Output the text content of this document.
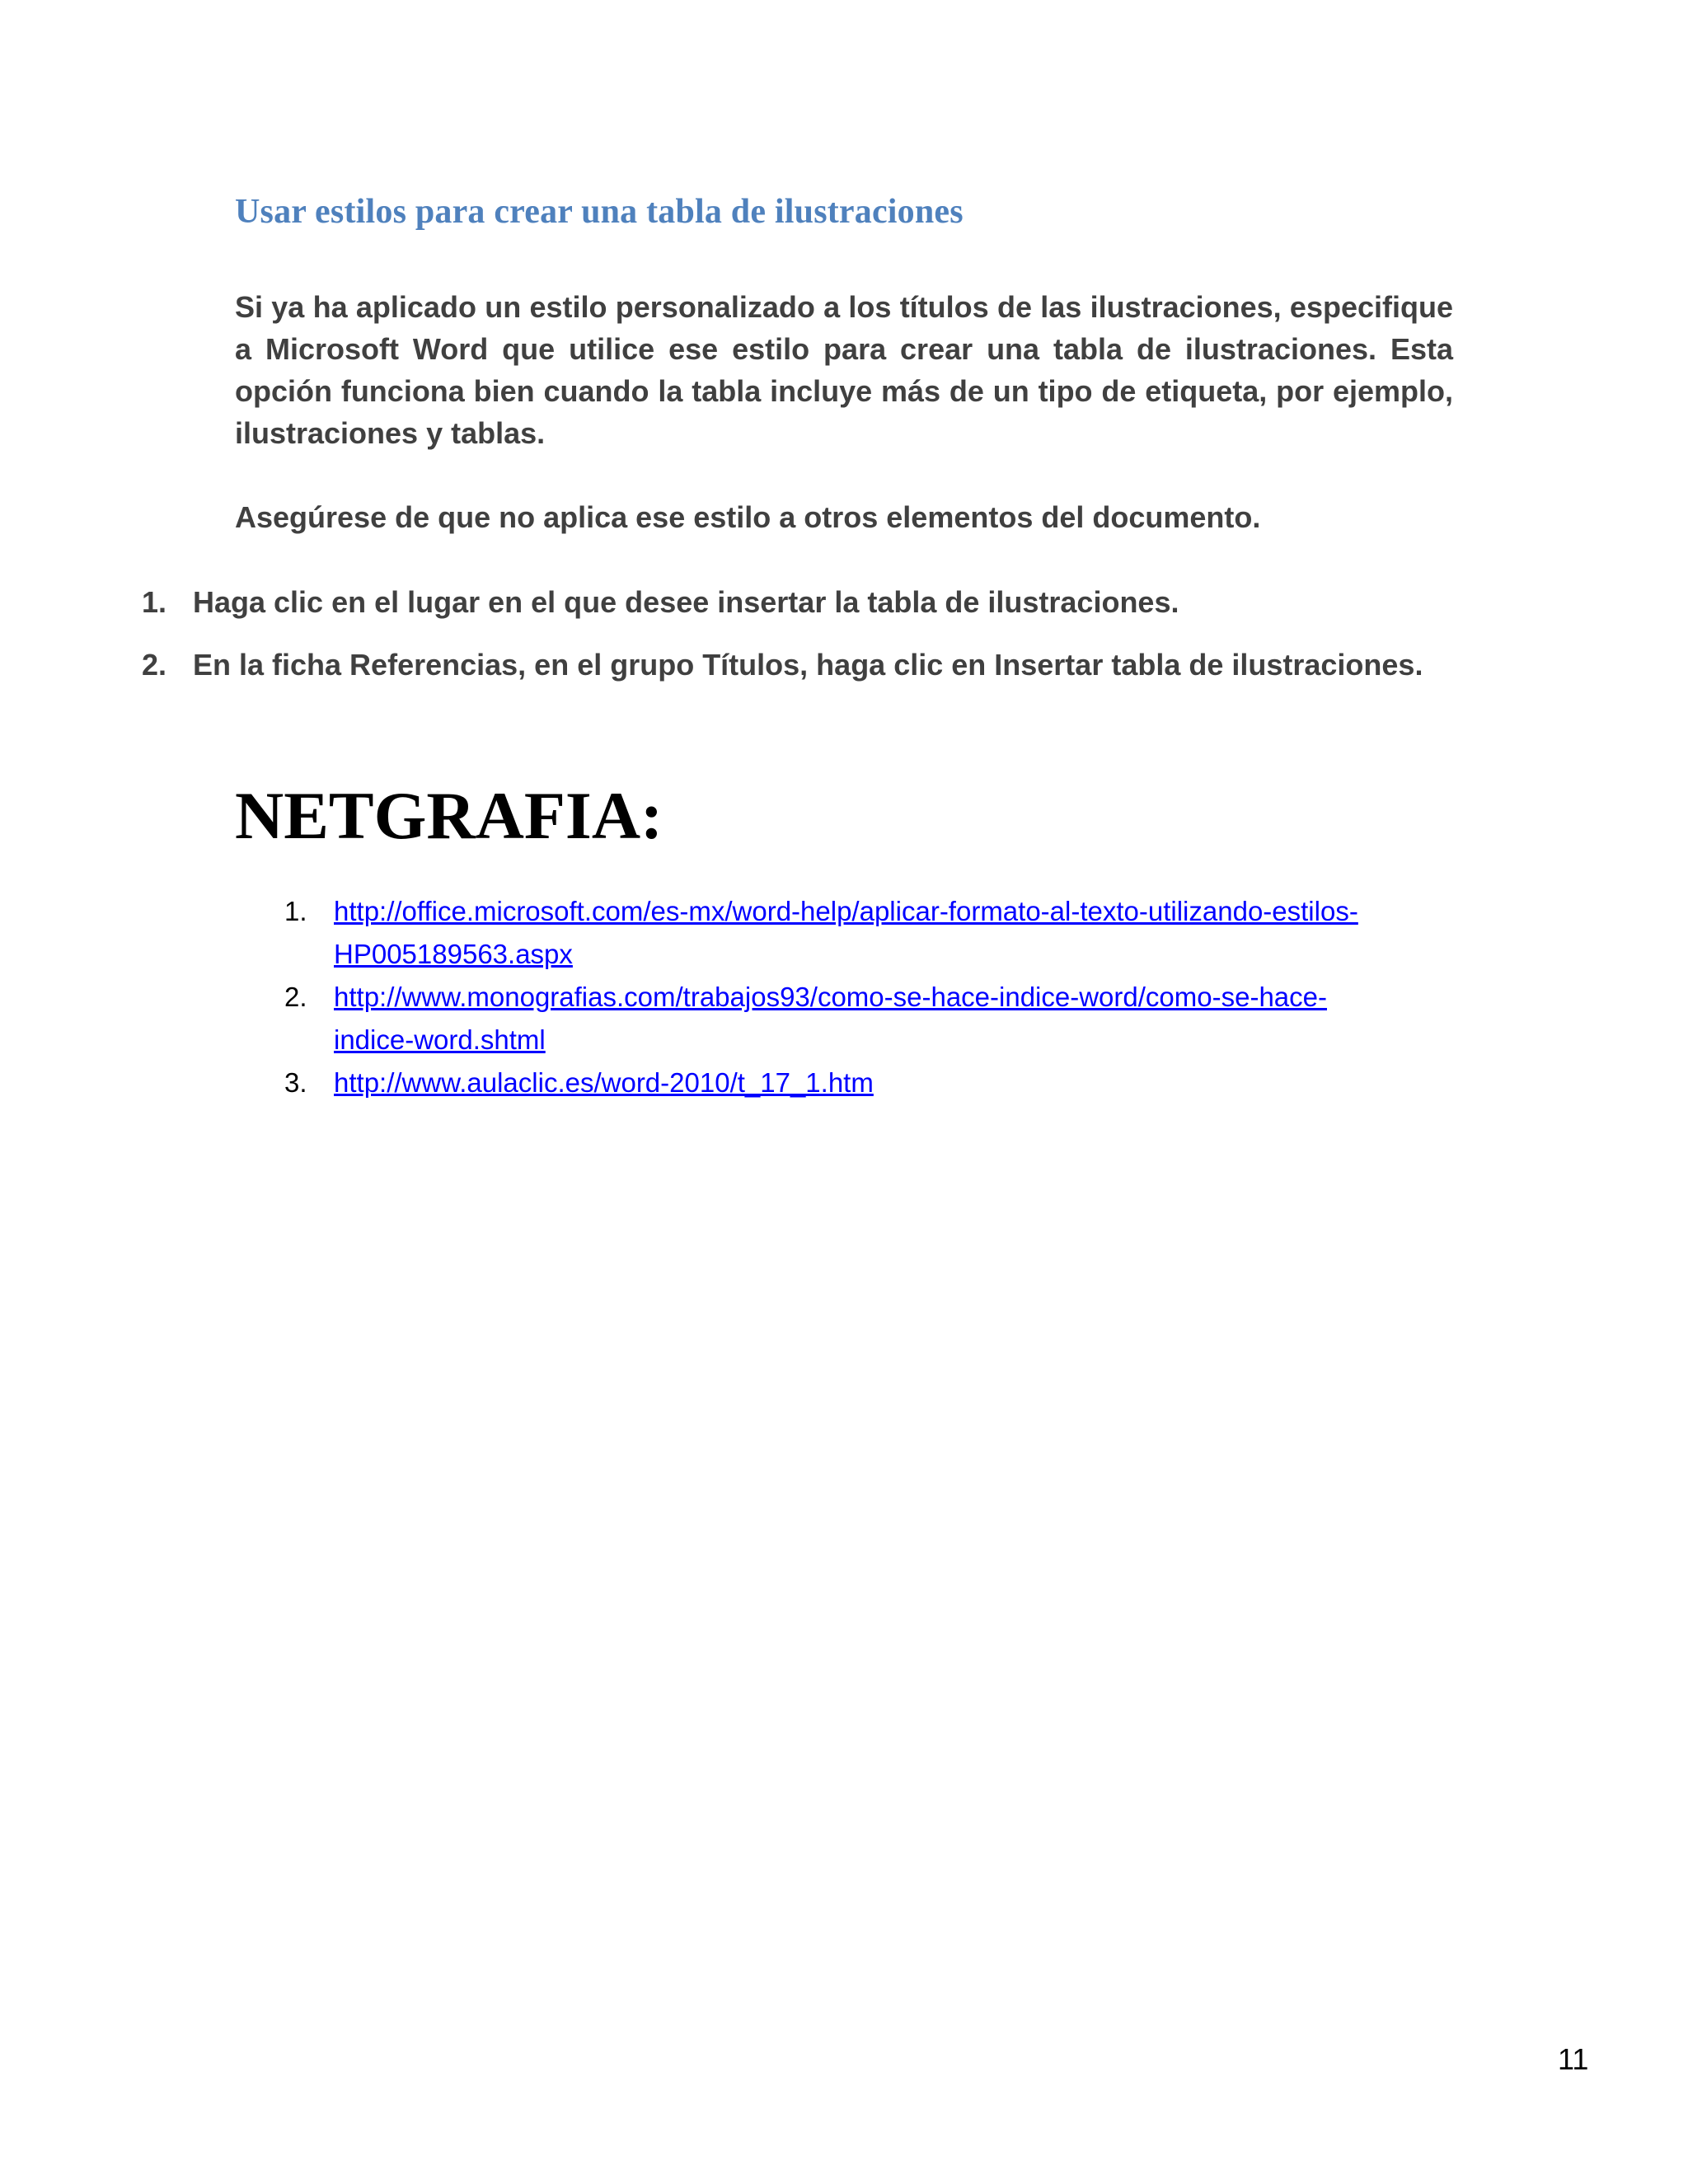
Usar estilos para crear una tabla de ilustraciones

Si ya ha aplicado un estilo personalizado a los títulos de las ilustraciones, especifique a Microsoft Word que utilice ese estilo para crear una tabla de ilustraciones. Esta opción funciona bien cuando la tabla incluye más de un tipo de etiqueta, por ejemplo, ilustraciones y tablas.

Asegúrese de que no aplica ese estilo a otros elementos del documento.

1. Haga clic en el lugar en el que desee insertar la tabla de ilustraciones.
2. En la ficha Referencias, en el grupo Títulos, haga clic en Insertar tabla de ilustraciones.
NETGRAFIA:
1. http://office.microsoft.com/es-mx/word-help/aplicar-formato-al-texto-utilizando-estilos-
HP005189563.aspx
2. http://www.monografias.com/trabajos93/como-se-hace-indice-word/como-se-hace-
indice-word.shtml
3. http://www.aulaclic.es/word-2010/t_17_1.htm
11
